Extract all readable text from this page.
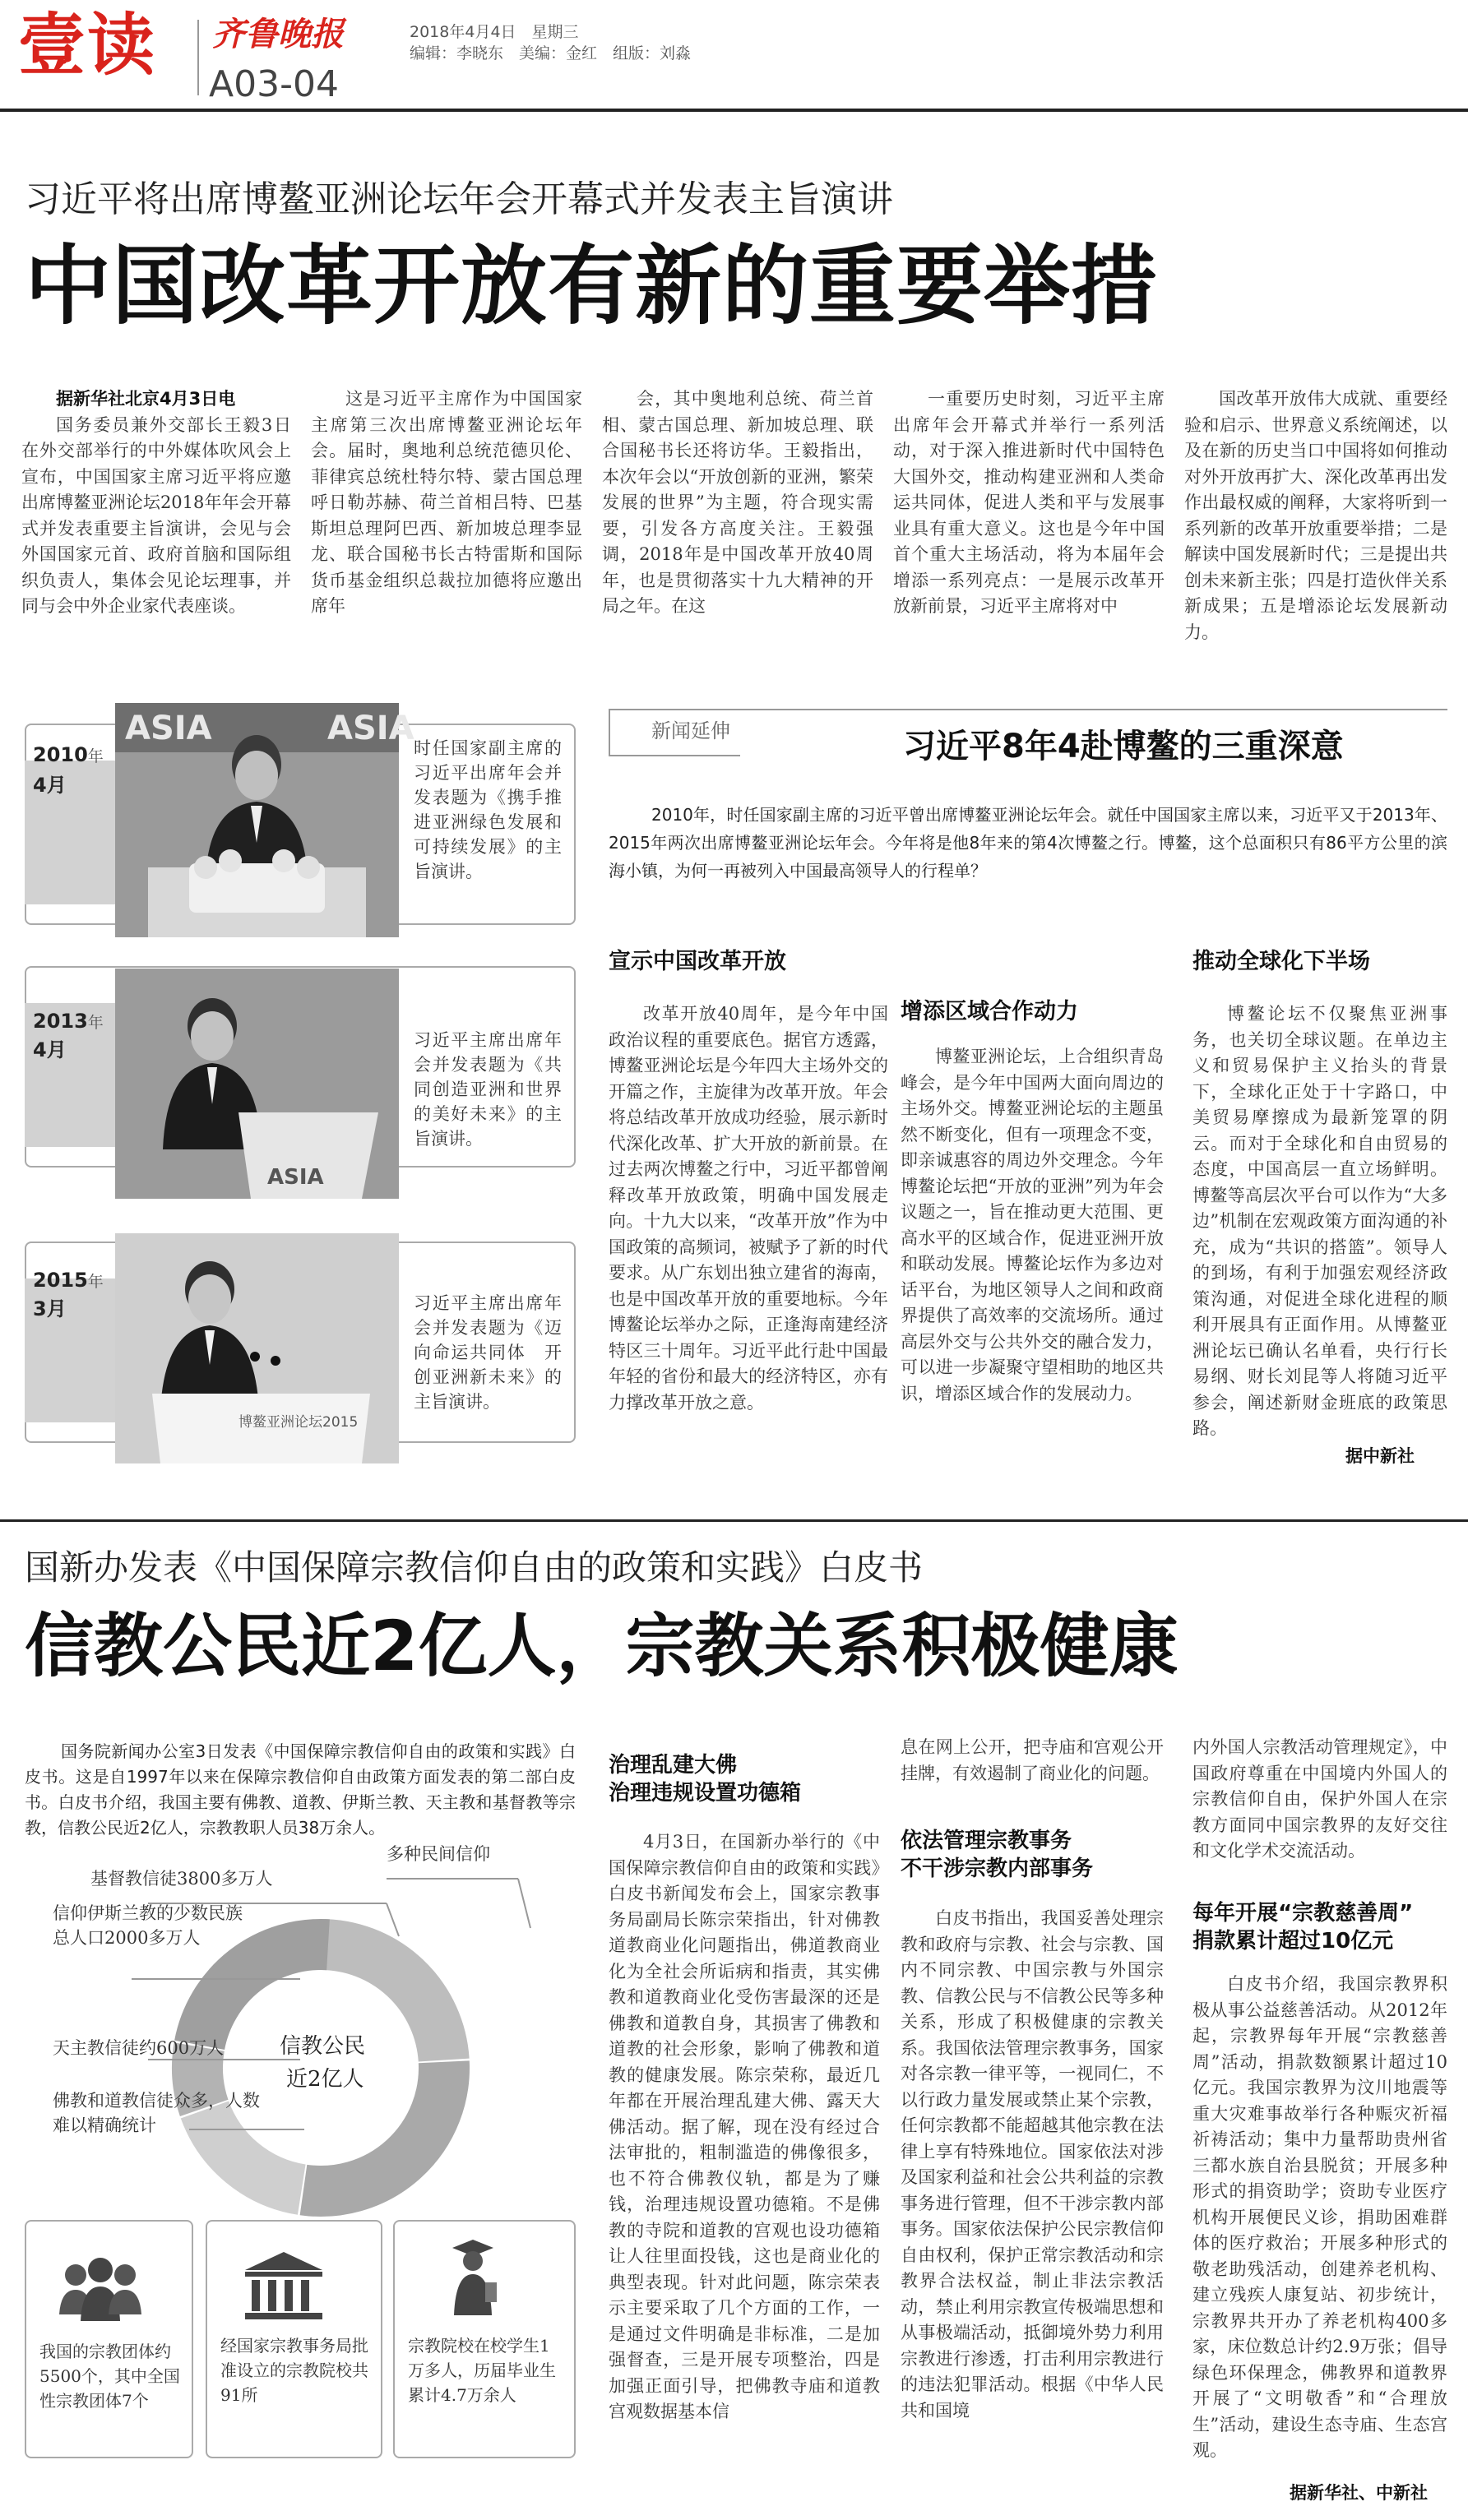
壹读 齐鲁晚报
A03-04
2018年4月4日　星期三
编辑：李晓东　美编：金红　组版：刘淼
习近平将出席博鳌亚洲论坛年会开幕式并发表主旨演讲
中国改革开放有新的重要举措

据新华社北京4月3日电

国务委员兼外交部长王毅3日在外交部举行的中外媒体吹风会上宣布，中国国家主席习近平将应邀出席博鳌亚洲论坛2018年年会开幕式并发表重要主旨演讲，会见与会外国国家元首、政府首脑和国际组织负责人，集体会见论坛理事，并同与会中外企业家代表座谈。

这是习近平主席作为中国国家主席第三次出席博鳌亚洲论坛年会。届时，奥地利总统范德贝伦、菲律宾总统杜特尔特、蒙古国总理呼日勒苏赫、荷兰首相吕特、巴基斯坦总理阿巴西、新加坡总理李显龙、联合国秘书长古特雷斯和国际货币基金组织总裁拉加德将应邀出席年

会，其中奥地利总统、荷兰首相、蒙古国总理、新加坡总理、联合国秘书长还将访华。王毅指出，本次年会以“开放创新的亚洲，繁荣发展的世界”为主题，符合现实需要，引发各方高度关注。王毅强调，2018年是中国改革开放40周年，也是贯彻落实十九大精神的开局之年。在这

一重要历史时刻，习近平主席出席年会开幕式并举行一系列活动，对于深入推进新时代中国特色大国外交，推动构建亚洲和人类命运共同体，促进人类和平与发展事业具有重大意义。这也是今年中国首个重大主场活动，将为本届年会增添一系列亮点：一是展示改革开放新前景，习近平主席将对中

国改革开放伟大成就、重要经验和启示、世界意义系统阐述，以及在新的历史当口中国将如何推动对外开放再扩大、深化改革再出发作出最权威的阐释，大家将听到一系列新的改革开放重要举措；二是解读中国发展新时代；三是提出共创未来新主张；四是打造伙伴关系新成果；五是增添论坛发展新动力。

新闻延伸	习近平8年4赴博鳌的三重深意
2010年，时任国家副主席的习近平曾出席博鳌亚洲论坛年会。就任中国国家主席以来，习近平又于2013年、2015年两次出席博鳌亚洲论坛年会。今年将是他8年来的第4次博鳌之行。博鳌，这个总面积只有86平方公里的滨海小镇，为何一再被列入中国最高领导人的行程单？
2010年
4月
ASIA	ASIA
时任国家副主席的习近平出席年会并发表题为《携手推进亚洲绿色发展和可持续发展》的主旨演讲。
2013年
4月
ASIA
习近平主席出席年会并发表题为《共同创造亚洲和世界的美好未来》的主旨演讲。
2015年
3月
博鳌亚洲论坛2015
习近平主席出席年会并发表题为《迈向命运共同体　开创亚洲新未来》的主旨演讲。
宣示中国改革开放

改革开放40周年，是今年中国政治议程的重要底色。据官方透露，博鳌亚洲论坛是今年四大主场外交的开篇之作，主旋律为改革开放。年会将总结改革开放成功经验，展示新时代深化改革、扩大开放的新前景。在过去两次博鳌之行中，习近平都曾阐释改革开放政策，明确中国发展走向。十九大以来，“改革开放”作为中国政策的高频词，被赋予了新的时代要求。从广东划出独立建省的海南，也是中国改革开放的重要地标。今年博鳌论坛举办之际，正逢海南建经济特区三十周年。习近平此行赴中国最年轻的省份和最大的经济特区，亦有力撑改革开放之意。

增添区域合作动力

博鳌亚洲论坛，上合组织青岛峰会，是今年中国两大面向周边的主场外交。博鳌亚洲论坛的主题虽然不断变化，但有一项理念不变，即亲诚惠容的周边外交理念。今年博鳌论坛把“开放的亚洲”列为年会议题之一，旨在推动更大范围、更高水平的区域合作，促进亚洲开放和联动发展。博鳌论坛作为多边对话平台，为地区领导人之间和政商界提供了高效率的交流场所。通过高层外交与公共外交的融合发力，可以进一步凝聚守望相助的地区共识，增添区域合作的发展动力。

推动全球化下半场

博鳌论坛不仅聚焦亚洲事务，也关切全球议题。在单边主义和贸易保护主义抬头的背景下，全球化正处于十字路口，中美贸易摩擦成为最新笼罩的阴云。而对于全球化和自由贸易的态度，中国高层一直立场鲜明。博鳌等高层次平台可以作为“大多边”机制在宏观政策方面沟通的补充，成为“共识的搭篮”。领导人的到场，有利于加强宏观经济政策沟通，对促进全球化进程的顺利开展具有正面作用。从博鳌亚洲论坛已确认名单看，央行行长易纲、财长刘昆等人将随习近平参会，阐述新财金班底的政策思路。

据中新社
国新办发表《中国保障宗教信仰自由的政策和实践》白皮书
信教公民近2亿人，宗教关系积极健康
国务院新闻办公室3日发表《中国保障宗教信仰自由的政策和实践》白皮书。这是自1997年以来在保障宗教信仰自由政策方面发表的第二部白皮书。白皮书介绍，我国主要有佛教、道教、伊斯兰教、天主教和基督教等宗教，信教公民近2亿人，宗教教职人员38万余人。
信教公民
近2亿人
基督教信徒3800多万人
多种民间信仰
信仰伊斯兰教的少数民族总人口2000多万人
天主教信徒约600万人
佛教和道教信徒众多，人数难以精确统计
我国的宗教团体约5500个，其中全国性宗教团体7个
经国家宗教事务局批准设立的宗教院校共91所
宗教院校在校学生1万多人，历届毕业生累计4.7万余人
治理乱建大佛
治理违规设置功德箱

4月3日，在国新办举行的《中国保障宗教信仰自由的政策和实践》白皮书新闻发布会上，国家宗教事务局副局长陈宗荣指出，针对佛教道教商业化问题指出，佛道教商业化为全社会所诟病和指责，其实佛教和道教商业化受伤害最深的还是佛教和道教自身，其损害了佛教和道教的社会形象，影响了佛教和道教的健康发展。陈宗荣称，最近几年都在开展治理乱建大佛、露天大佛活动。据了解，现在没有经过合法审批的，粗制滥造的佛像很多，也不符合佛教仪轨，都是为了赚钱，治理违规设置功德箱。不是佛教的寺院和道教的宫观也设功德箱让人往里面投钱，这也是商业化的典型表现。针对此问题，陈宗荣表示主要采取了几个方面的工作，一是通过文件明确是非标准，二是加强督查，三是开展专项整治，四是加强正面引导，把佛教寺庙和道教宫观数据基本信

息在网上公开，把寺庙和宫观公开挂牌，有效遏制了商业化的问题。

依法管理宗教事务
不干涉宗教内部事务

白皮书指出，我国妥善处理宗教和政府与宗教、社会与宗教、国内不同宗教、中国宗教与外国宗教、信教公民与不信教公民等多种关系，形成了积极健康的宗教关系。我国依法管理宗教事务，国家对各宗教一律平等，一视同仁，不以行政力量发展或禁止某个宗教，任何宗教都不能超越其他宗教在法律上享有特殊地位。国家依法对涉及国家利益和社会公共利益的宗教事务进行管理，但不干涉宗教内部事务。国家依法保护公民宗教信仰自由权利，保护正常宗教活动和宗教界合法权益，制止非法宗教活动，禁止利用宗教宣传极端思想和从事极端活动，抵御境外势力利用宗教进行渗透，打击利用宗教进行的违法犯罪活动。根据《中华人民共和国境

内外国人宗教活动管理规定》，中国政府尊重在中国境内外国人的宗教信仰自由，保护外国人在宗教方面同中国宗教界的友好交往和文化学术交流活动。

每年开展“宗教慈善周”
捐款累计超过10亿元

白皮书介绍，我国宗教界积极从事公益慈善活动。从2012年起，宗教界每年开展“宗教慈善周”活动，捐款数额累计超过10亿元。我国宗教界为汶川地震等重大灾难事故举行各种赈灾祈福祈祷活动；集中力量帮助贵州省三都水族自治县脱贫；开展多种形式的捐资助学；资助专业医疗机构开展便民义诊，捐助困难群体的医疗救治；开展多种形式的敬老助残活动，创建养老机构、建立残疾人康复站、初步统计，宗教界共开办了养老机构400多家，床位数总计约2.9万张；倡导绿色环保理念，佛教界和道教界开展了“文明敬香”和“合理放生”活动，建设生态寺庙、生态宫观。

据新华社、中新社
